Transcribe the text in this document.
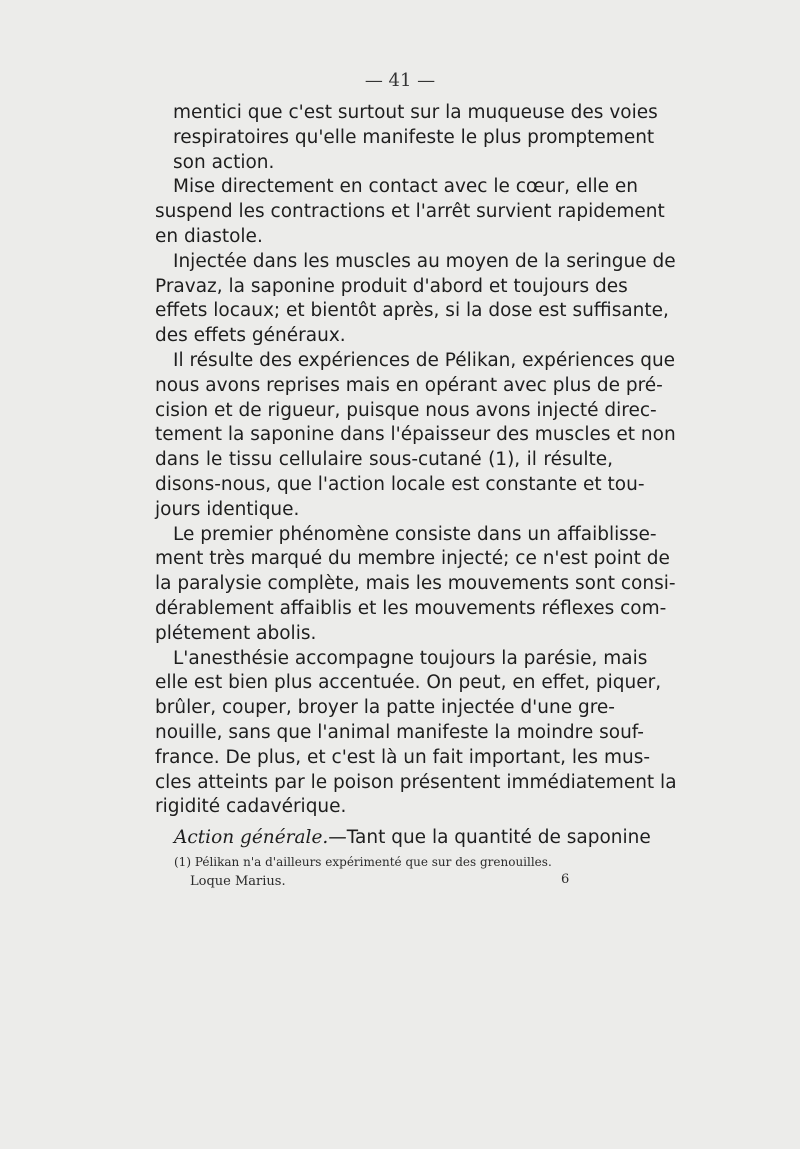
— 41 —

mentici que c'est surtout sur la muqueuse des voies
respiratoires qu'elle manifeste le plus promptement
son action.

Mise directement en contact avec le cœur, elle en
suspend les contractions et l'arrêt survient rapidement
en diastole.

Injectée dans les muscles au moyen de la seringue de
Pravaz, la saponine produit d'abord et toujours des
effets locaux; et bientôt après, si la dose est suffisante,
des effets généraux.

Il résulte des expériences de Pélikan, expériences que
nous avons reprises mais en opérant avec plus de pré-
cision et de rigueur, puisque nous avons injecté direc-
tement la saponine dans l'épaisseur des muscles et non
dans le tissu cellulaire sous-cutané (1), il résulte,
disons-nous, que l'action locale est constante et tou-
jours identique.

Le premier phénomène consiste dans un affaiblisse-
ment très marqué du membre injecté; ce n'est point de
la paralysie complète, mais les mouvements sont consi-
dérablement affaiblis et les mouvements réflexes com-
plétement abolis.

L'anesthésie accompagne toujours la parésie, mais
elle est bien plus accentuée. On peut, en effet, piquer,
brûler, couper, broyer la patte injectée d'une gre-
nouille, sans que l'animal manifeste la moindre souf-
france. De plus, et c'est là un fait important, les mus-
cles atteints par le poison présentent immédiatement la
rigidité cadavérique.

Action générale. — Tant que la quantité de saponine
(1) Pélikan n'a d'ailleurs expérimenté que sur des grenouilles.
Loque Marius.	6
